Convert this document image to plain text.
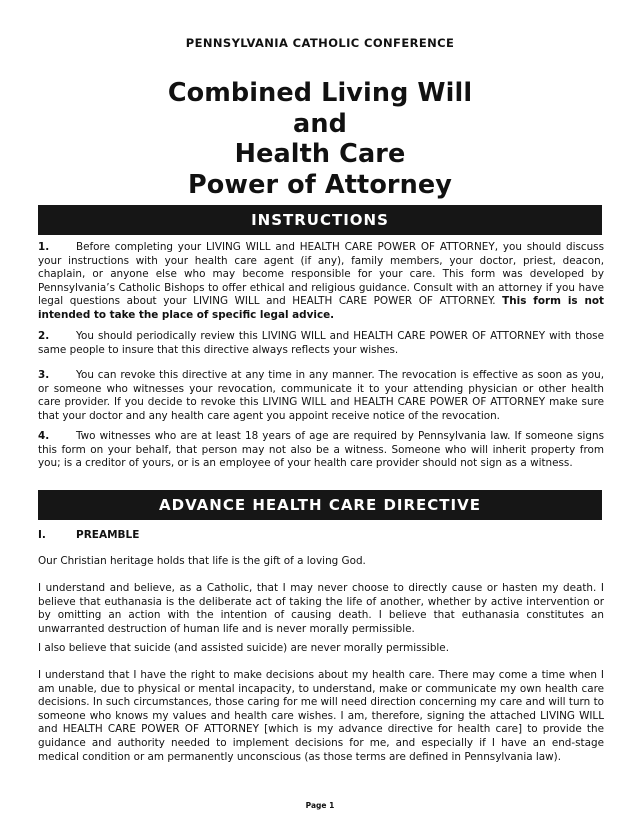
PENNSYLVANIA CATHOLIC CONFERENCE
Combined Living Will
and
Health Care
Power of Attorney
INSTRUCTIONS

1.	Before completing your LIVING WILL and HEALTH CARE POWER OF ATTORNEY, you should discuss your instructions with your health care agent (if any), family members, your doctor, priest, deacon, chaplain, or anyone else who may become responsible for your care. This form was developed by Pennsylvania’s Catholic Bishops to offer ethical and religious guidance. Consult with an attorney if you have legal questions about your LIVING WILL and HEALTH CARE POWER OF ATTORNEY. This form is not intended to take the place of specific legal advice.

2.	You should periodically review this LIVING WILL and HEALTH CARE POWER OF ATTORNEY with those same people to insure that this directive always reflects your wishes.

3.	You can revoke this directive at any time in any manner. The revocation is effective as soon as you, or someone who witnesses your revocation, communicate it to your attending physician or other health care provider. If you decide to revoke this LIVING WILL and HEALTH CARE POWER OF ATTORNEY make sure that your doctor and any health care agent you appoint receive notice of the revocation.

4.	Two witnesses who are at least 18 years of age are required by Pennsylvania law. If someone signs this form on your behalf, that person may not also be a witness. Someone who will inherit property from you; is a creditor of yours, or is an employee of your health care provider should not sign as a witness.

ADVANCE HEALTH CARE DIRECTIVE
I.	PREAMBLE

Our Christian heritage holds that life is the gift of a loving God.

I understand and believe, as a Catholic, that I may never choose to directly cause or hasten my death. I believe that euthanasia is the deliberate act of taking the life of another, whether by active intervention or by omitting an action with the intention of causing death. I believe that euthanasia constitutes an unwarranted destruction of human life and is never morally permissible.

I also believe that suicide (and assisted suicide) are never morally permissible.

I understand that I have the right to make decisions about my health care. There may come a time when I am unable, due to physical or mental incapacity, to understand, make or communicate my own health care decisions. In such circumstances, those caring for me will need direction concerning my care and will turn to someone who knows my values and health care wishes. I am, therefore, signing the attached LIVING WILL and HEALTH CARE POWER OF ATTORNEY [which is my advance directive for health care] to provide the guidance and authority needed to implement decisions for me, and especially if I have an end-stage medical condition or am permanently unconscious (as those terms are defined in Pennsylvania law).

Page 1
